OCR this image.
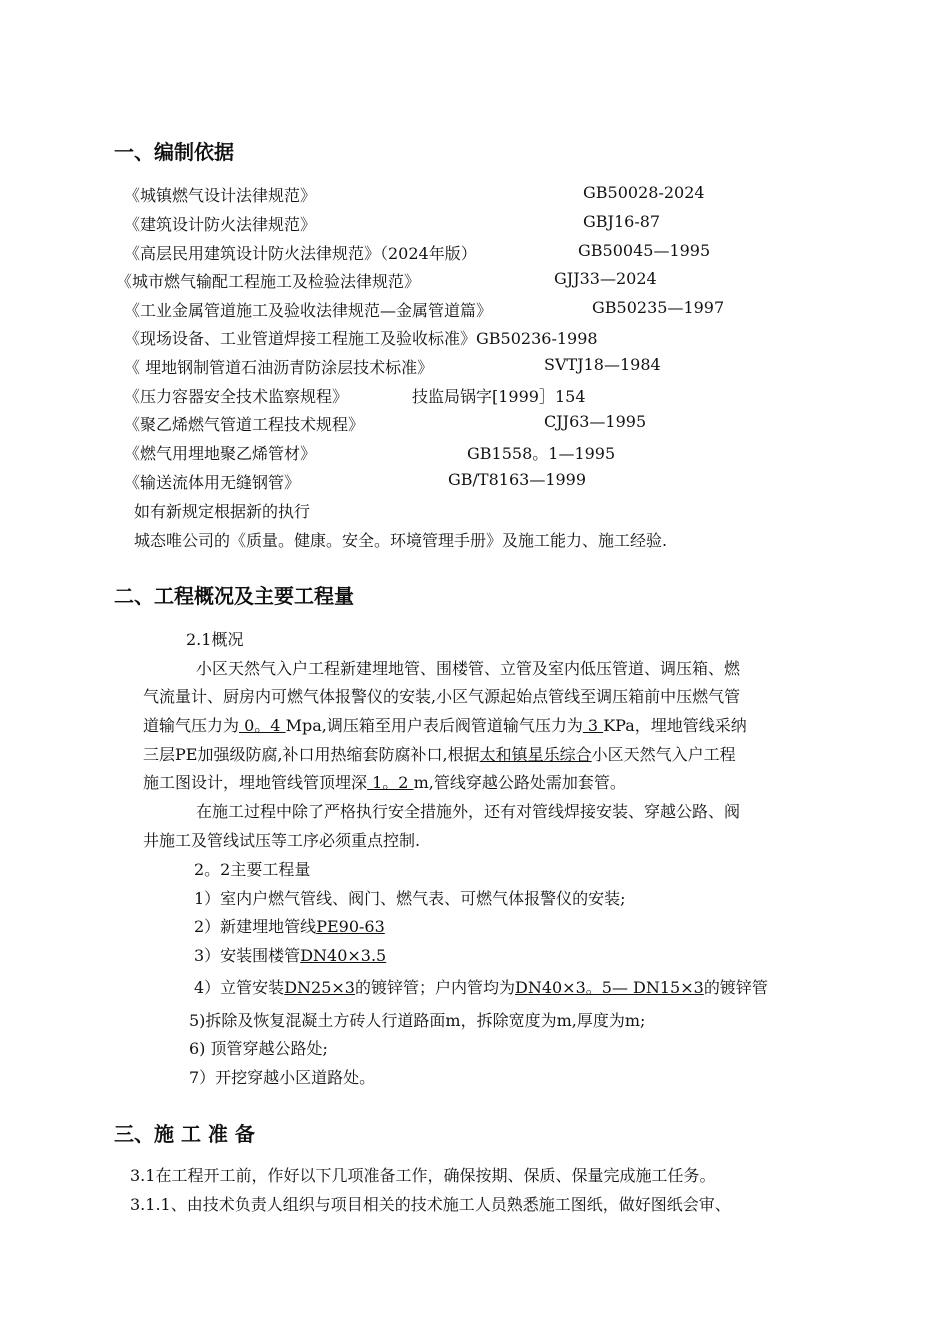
一、编制依据
《城镇燃气设计法律规范》	GB50028-2024
《建筑设计防火法律规范》	GBJ16-87
《高层民用建筑设计防火法律规范》（2024年版）	GB50045—1995
《城市燃气输配工程施工及检验法律规范》	GJJ33—2024
《工业金属管道施工及验收法律规范—金属管道篇》	GB50235—1997
《现场设备、工业管道焊接工程施工及验收标准》GB50236-1998
《 埋地钢制管道石油沥青防涂层技术标准》	SVTJ18—1984
《压力容器安全技术监察规程》	技监局锅字[1999］154
《聚乙烯燃气管道工程技术规程》	CJJ63—1995
《燃气用埋地聚乙烯管材》	GB1558。1—1995
《输送流体用无缝钢管》	GB/T8163—1999
如有新规定根据新的执行
城态唯公司的《质量。健康。安全。环境管理手册》及施工能力、施工经验.
二、工程概况及主要工程量
2.1概况
小区天然气入户工程新建埋地管、围楼管、立管及室内低压管道、调压箱、燃
气流量计、厨房内可燃气体报警仪的安装,小区气源起始点管线至调压箱前中压燃气管
道输气压力为 0。4 Mpa,调压箱至用户表后阀管道输气压力为 3 KPa，埋地管线采纳
三层PE加强级防腐,补口用热缩套防腐补口,根据太和镇星乐综合小区天然气入户工程
施工图设计，埋地管线管顶埋深 1。2 m,管线穿越公路处需加套管。
在施工过程中除了严格执行安全措施外，还有对管线焊接安装、穿越公路、阀
井施工及管线试压等工序必须重点控制.
2。2主要工程量
1）室内户燃气管线、阀门、燃气表、可燃气体报警仪的安装;
2）新建埋地管线PE90-63
3）安装围楼管DN40×3.5
4）立管安装DN25×3的镀锌管；户内管均为DN40×3。5— DN15×3的镀锌管
5)拆除及恢复混凝土方砖人行道路面m，拆除宽度为m,厚度为m;
6) 顶管穿越公路处;
7）开挖穿越小区道路处。
三、施 工 准 备
3.1在工程开工前，作好以下几项准备工作，确保按期、保质、保量完成施工任务。
3.1.1、由技术负责人组织与项目相关的技术施工人员熟悉施工图纸，做好图纸会审、
